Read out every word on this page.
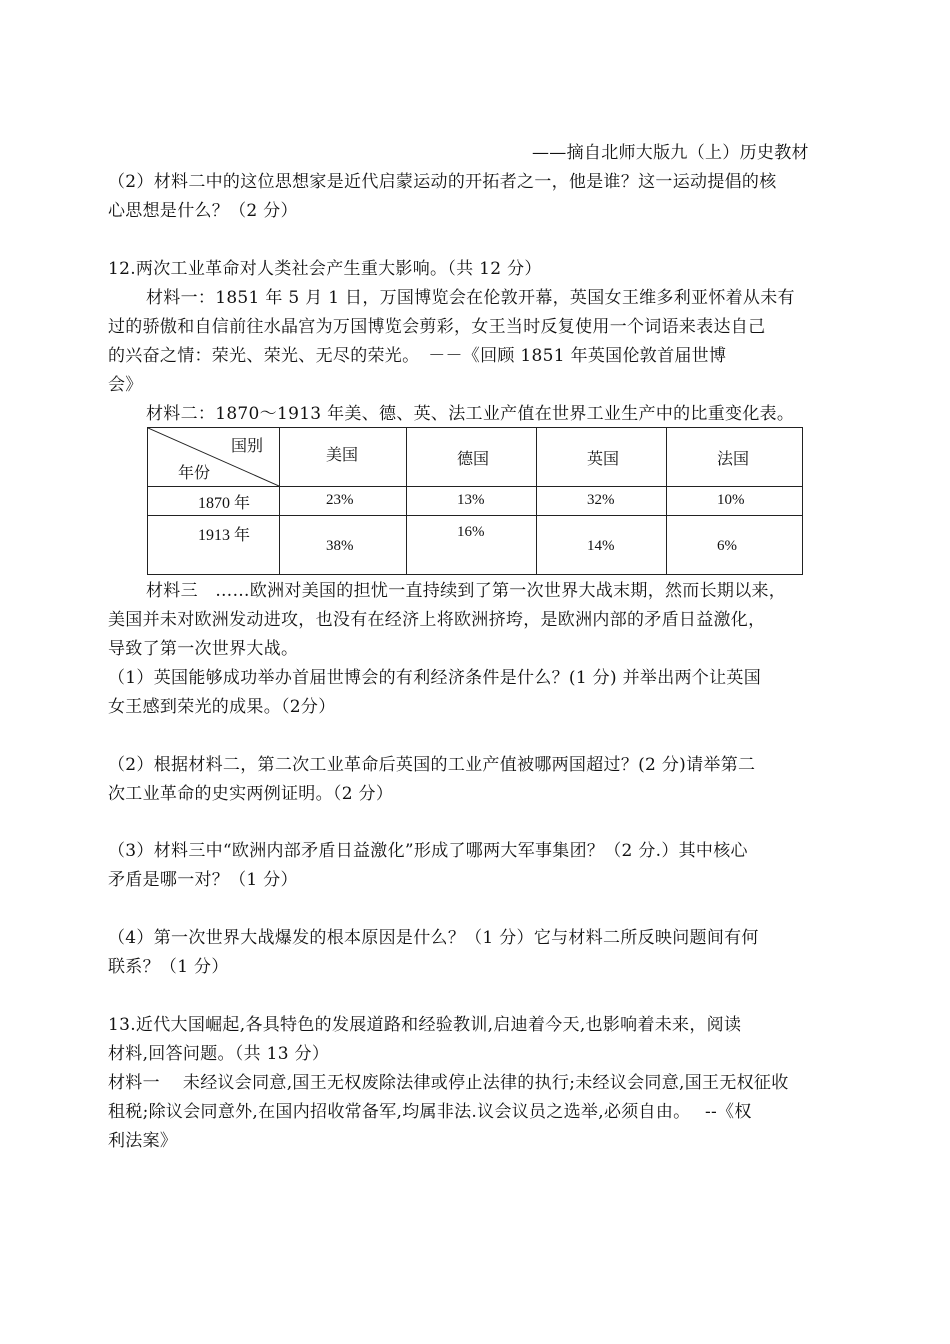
——摘自北师大版九（上）历史教材
（2）材料二中的这位思想家是近代启蒙运动的开拓者之一，他是谁？这一运动提倡的核
心思想是什么？（2 分）
12.两次工业革命对人类社会产生重大影响。（共 12 分）
材料一：1851 年 5 月 1 日，万国博览会在伦敦开幕，英国女王维多利亚怀着从未有
过的骄傲和自信前往水晶宫为万国博览会剪彩，女王当时反复使用一个词语来表达自己
的兴奋之情：荣光、荣光、无尽的荣光。　－－《回顾 1851 年英国伦敦首届世博
会》
材料二：1870～1913 年美、德、英、法工业产值在世界工业生产中的比重变化表。
国别
年份	美国	德国	英国	法国

1870 年	23%	13%	32%	10%

1913 年	38%	16%	14%	6%
材料三　……欧洲对美国的担忧一直持续到了第一次世界大战末期，然而长期以来，
美国并未对欧洲发动进攻，也没有在经济上将欧洲挤垮，是欧洲内部的矛盾日益激化，
导致了第一次世界大战。
（1）英国能够成功举办首届世博会的有利经济条件是什么？(1 分) 并举出两个让英国
女王感到荣光的成果。（2分）
（2）根据材料二，第二次工业革命后英国的工业产值被哪两国超过？(2 分)请举第二
次工业革命的史实两例证明。（2 分）
（3）材料三中“欧洲内部矛盾日益激化”形成了哪两大军事集团？（2 分.）其中核心
矛盾是哪一对？（1 分）
（4）第一次世界大战爆发的根本原因是什么？（1 分）它与材料二所反映问题间有何
联系？（1 分）
13.近代大国崛起,各具特色的发展道路和经验教训,启迪着今天,也影响着未来，阅读
材料,回答问题。（共 13 分）
材料一　 未经议会同意,国王无权废除法律或停止法律的执行;未经议会同意,国王无权征收
租税;除议会同意外,在国内招收常备军,均属非法.议会议员之选举,必须自由。　 --《权
利法案》
